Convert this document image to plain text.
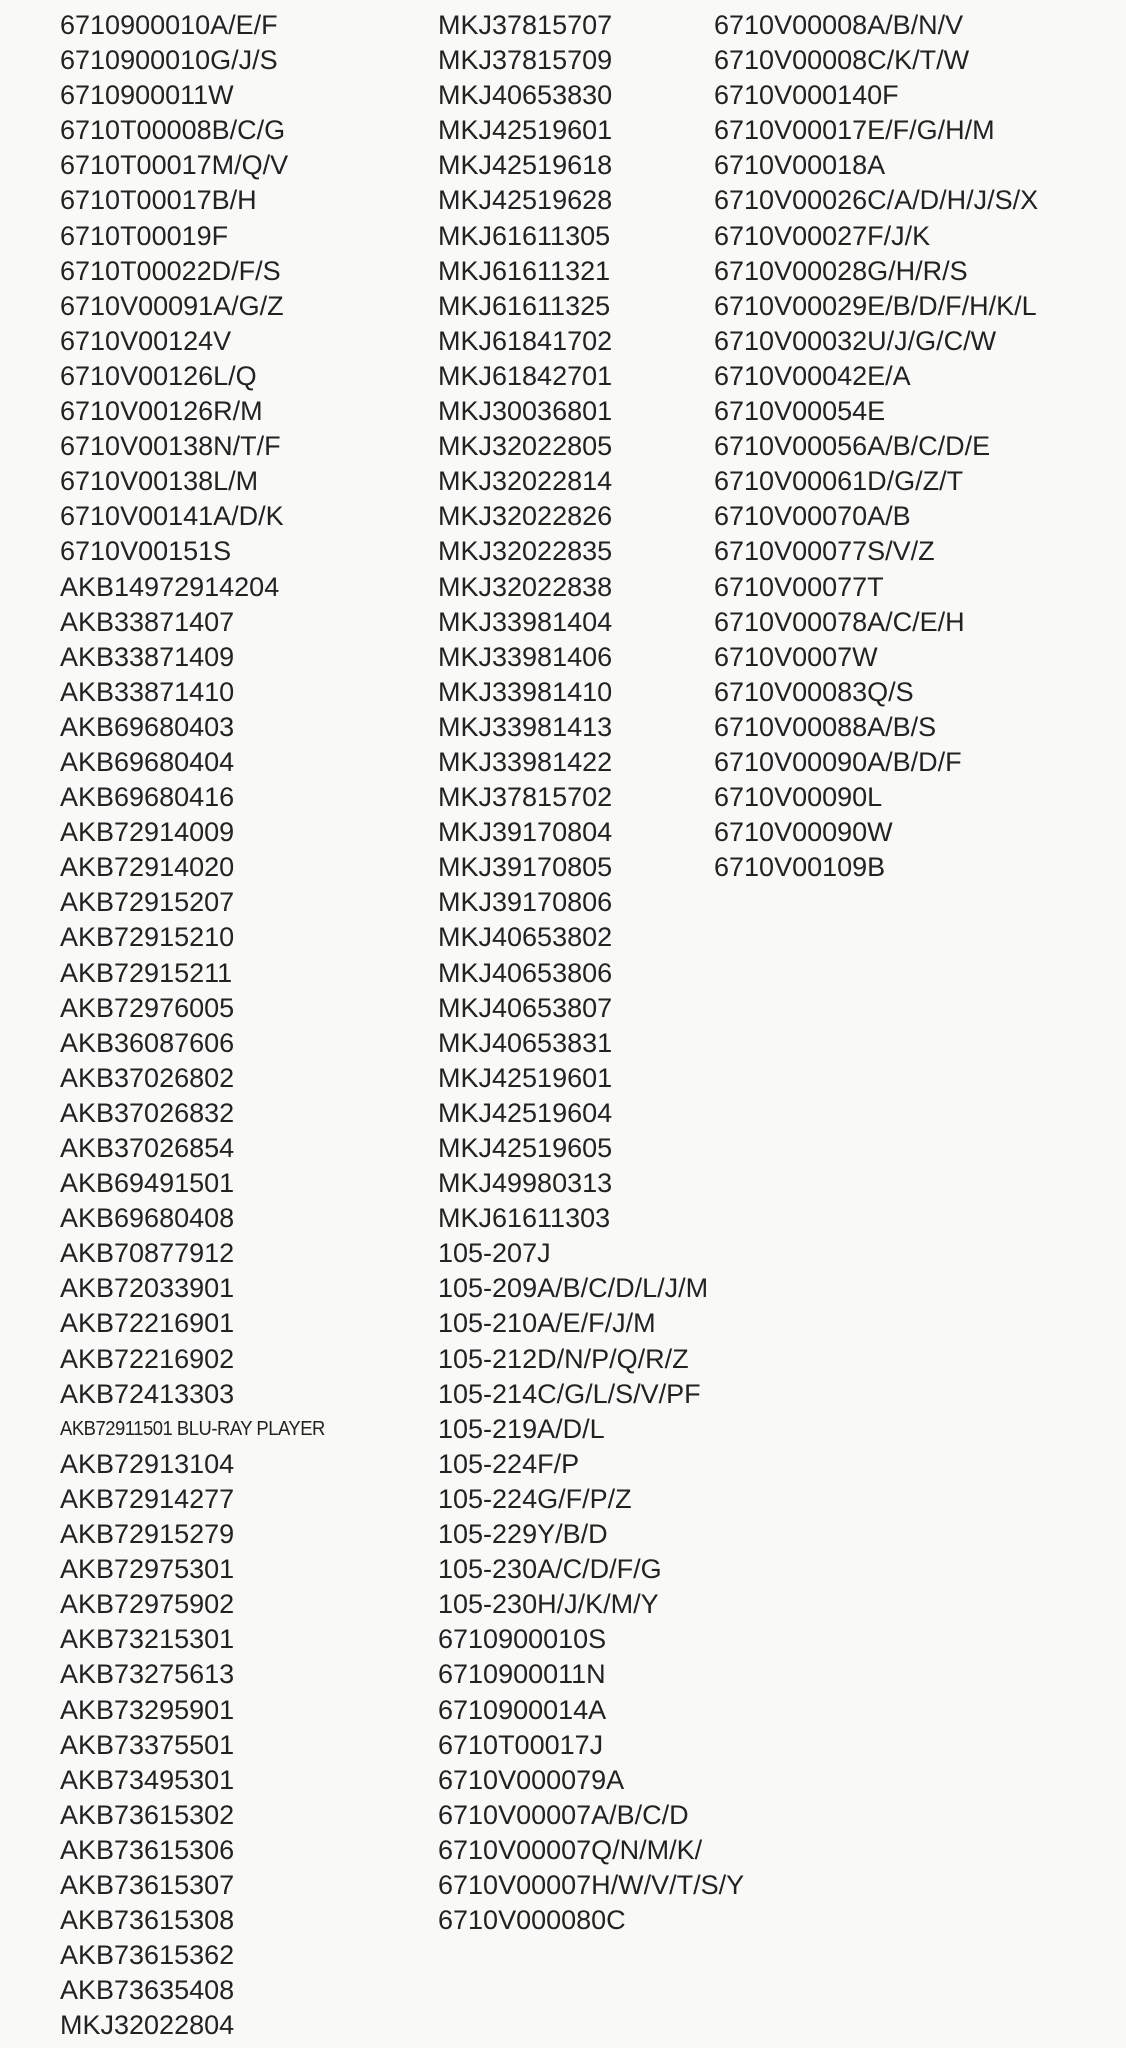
6710900010A/E/F
6710900010G/J/S
6710900011W
6710T00008B/C/G
6710T00017M/Q/V
6710T00017B/H
6710T00019F
6710T00022D/F/S
6710V00091A/G/Z
6710V00124V
6710V00126L/Q
6710V00126R/M
6710V00138N/T/F
6710V00138L/M
6710V00141A/D/K
6710V00151S
AKB14972914204
AKB33871407
AKB33871409
AKB33871410
AKB69680403
AKB69680404
AKB69680416
AKB72914009
AKB72914020
AKB72915207
AKB72915210
AKB72915211
AKB72976005
AKB36087606
AKB37026802
AKB37026832
AKB37026854
AKB69491501
AKB69680408
AKB70877912
AKB72033901
AKB72216901
AKB72216902
AKB72413303
AKB72911501 BLU-RAY PLAYER
AKB72913104
AKB72914277
AKB72915279
AKB72975301
AKB72975902
AKB73215301
AKB73275613
AKB73295901
AKB73375501
AKB73495301
AKB73615302
AKB73615306
AKB73615307
AKB73615308
AKB73615362
AKB73635408
MKJ32022804
MKJ37815707
MKJ37815709
MKJ40653830
MKJ42519601
MKJ42519618
MKJ42519628
MKJ61611305
MKJ61611321
MKJ61611325
MKJ61841702
MKJ61842701
MKJ30036801
MKJ32022805
MKJ32022814
MKJ32022826
MKJ32022835
MKJ32022838
MKJ33981404
MKJ33981406
MKJ33981410
MKJ33981413
MKJ33981422
MKJ37815702
MKJ39170804
MKJ39170805
MKJ39170806
MKJ40653802
MKJ40653806
MKJ40653807
MKJ40653831
MKJ42519601
MKJ42519604
MKJ42519605
MKJ49980313
MKJ61611303
105-207J
105-209A/B/C/D/L/J/M
105-210A/E/F/J/M
105-212D/N/P/Q/R/Z
105-214C/G/L/S/V/PF
105-219A/D/L
105-224F/P
105-224G/F/P/Z
105-229Y/B/D
105-230A/C/D/F/G
105-230H/J/K/M/Y
6710900010S
6710900011N
6710900014A
6710T00017J
6710V000079A
6710V00007A/B/C/D
6710V00007Q/N/M/K/
6710V00007H/W/V/T/S/Y
6710V000080C
6710V00008A/B/N/V
6710V00008C/K/T/W
6710V000140F
6710V00017E/F/G/H/M
6710V00018A
6710V00026C/A/D/H/J/S/X
6710V00027F/J/K
6710V00028G/H/R/S
6710V00029E/B/D/F/H/K/L
6710V00032U/J/G/C/W
6710V00042E/A
6710V00054E
6710V00056A/B/C/D/E
6710V00061D/G/Z/T
6710V00070A/B
6710V00077S/V/Z
6710V00077T
6710V00078A/C/E/H
6710V0007W
6710V00083Q/S
6710V00088A/B/S
6710V00090A/B/D/F
6710V00090L
6710V00090W
6710V00109B
